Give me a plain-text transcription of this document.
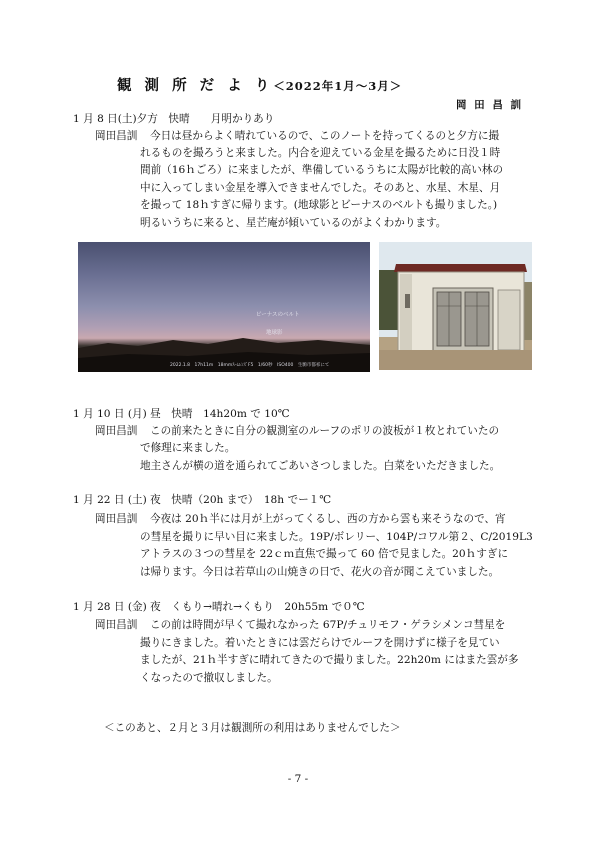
観 測 所 だ よ り＜2022年1月～3月＞
岡 田 昌 訓
1 月 8 日(土)夕方　快晴　　月明かりあり
岡田昌訓 今日は昼からよく晴れているので、このノートを持ってくるのと夕方に撮
れるものを撮ろうと来ました。内合を迎えている金星を撮るために日没１時
間前（16ｈごろ）に来ましたが、準備しているうちに太陽が比較的高い林の
中に入ってしまい金星を導入できませんでした。そのあと、水星、木星、月
を撮って 18ｈすぎに帰ります。(地球影とビーナスのベルトも撮りました。)
明るいうちに来ると、星芒庵が傾いているのがよくわかります。
ビーナスのベルト
地球影
2022.1.8　17h11m　18mmｽｰﾑﾚﾝｽﾞF5　1/60秒　ISO400　生駒市都祁にて
1 月 10 日 (月) 昼　快晴　14h20m で 10℃
岡田昌訓 この前来たときに自分の観測室のルーフのポリの波板が１枚とれていたの
で修理に来ました。
地主さんが横の道を通られてごあいさつしました。白菜をいただきました。
1 月 22 日 (土) 夜　快晴（20h まで）　18h でー１℃
岡田昌訓 今夜は 20ｈ半には月が上がってくるし、西の方から雲も来そうなので、宵
の彗星を撮りに早い目に来ました。19P/ボレリー、104P/コワル第２、C/2019L3
アトラスの３つの彗星を 22ｃｍ直焦で撮って 60 倍で見ました。20ｈすぎに
は帰ります。今日は若草山の山焼きの日で、花火の音が聞こえていました。
1 月 28 日 (金) 夜　くもり→晴れ→くもり　20h55m で０℃
岡田昌訓 この前は時間が早くて撮れなかった 67P/チュリモフ・ゲラシメンコ彗星を
撮りにきました。着いたときには雲だらけでルーフを開けずに様子を見てい
ましたが、21ｈ半すぎに晴れてきたので撮りました。22h20m にはまた雲が多
くなったので撤収しました。
＜このあと、２月と３月は観測所の利用はありませんでした＞
- 7 -
